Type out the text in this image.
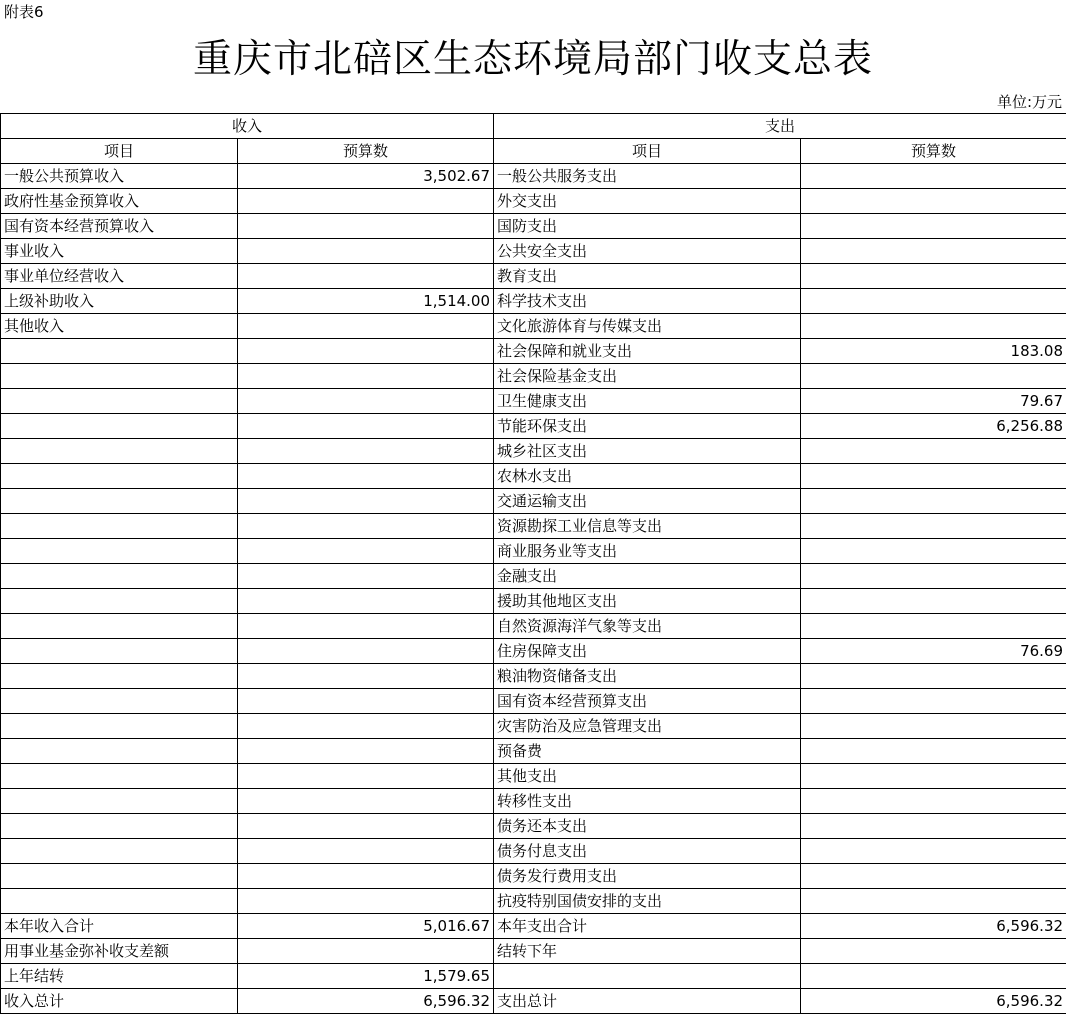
附表6
重庆市北碚区生态环境局部门收支总表
单位:万元
收入		支出	
项目	预算数	项目	预算数
一般公共预算收入	3,502.67	一般公共服务支出	
政府性基金预算收入		外交支出	
国有资本经营预算收入		国防支出	
事业收入		公共安全支出	
事业单位经营收入		教育支出	
上级补助收入	1,514.00	科学技术支出	
其他收入		文化旅游体育与传媒支出	
		社会保障和就业支出	183.08
		社会保险基金支出	
		卫生健康支出	79.67
		节能环保支出	6,256.88
		城乡社区支出	
		农林水支出	
		交通运输支出	
		资源勘探工业信息等支出	
		商业服务业等支出	
		金融支出	
		援助其他地区支出	
		自然资源海洋气象等支出	
		住房保障支出	76.69
		粮油物资储备支出	
		国有资本经营预算支出	
		灾害防治及应急管理支出	
		预备费	
		其他支出	
		转移性支出	
		债务还本支出	
		债务付息支出	
		债务发行费用支出	
		抗疫特别国债安排的支出	
本年收入合计	5,016.67	本年支出合计	6,596.32
用事业基金弥补收支差额		结转下年	
上年结转	1,579.65		
收入总计	6,596.32	支出总计	6,596.32
